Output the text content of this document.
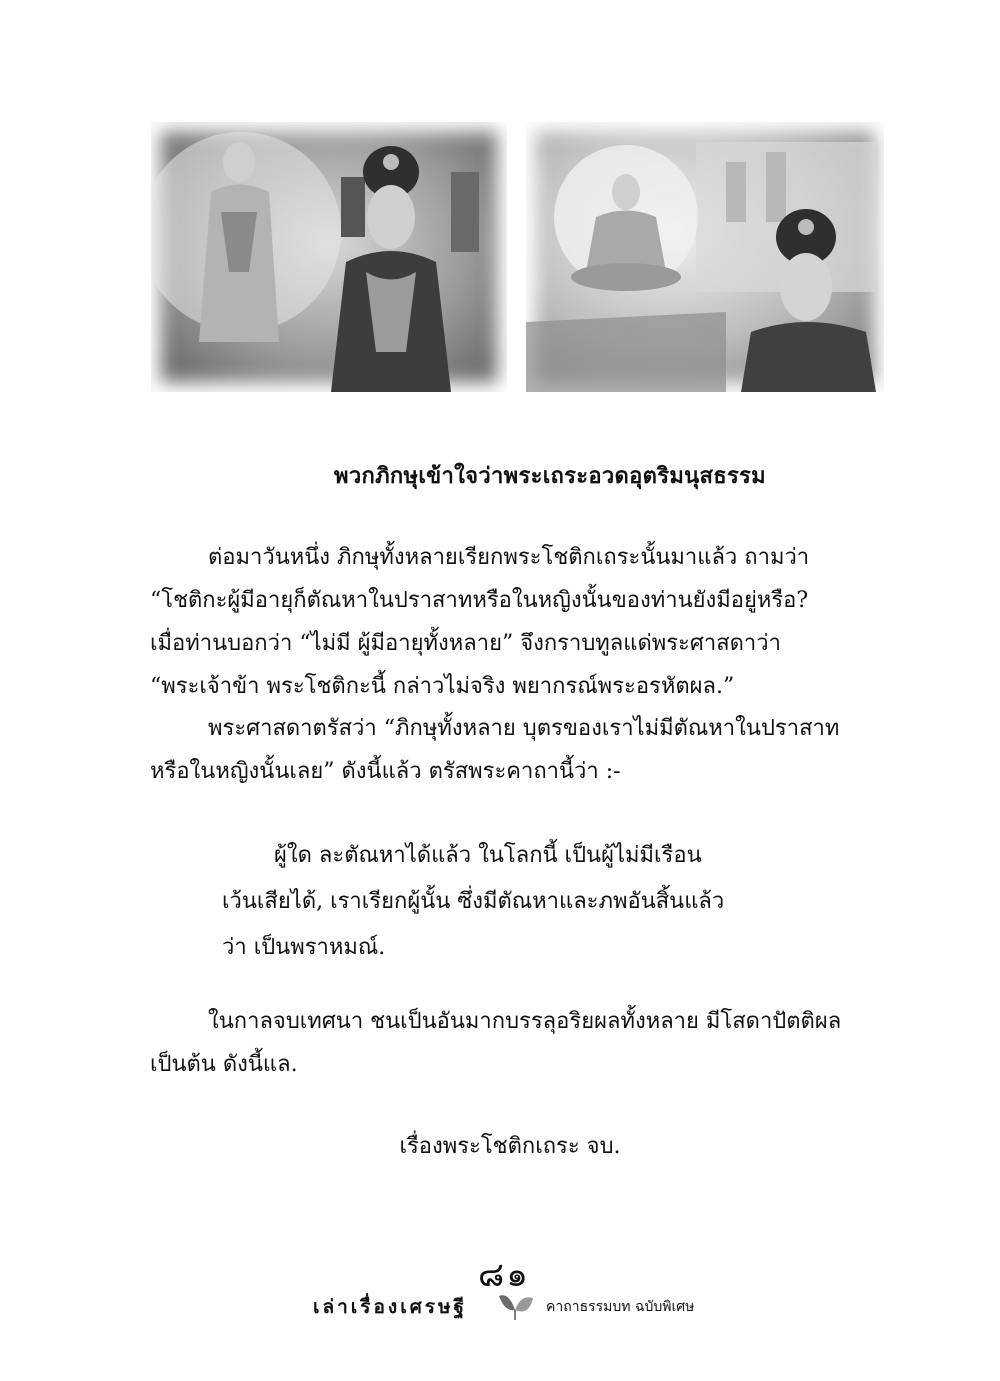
พวกภิกษุเข้าใจว่าพระเถระอวดอุตริมนุสธรรม
ต่อมาวันหนึ่ง ภิกษุทั้งหลายเรียกพระโชติกเถระนั้นมาแล้ว ถามว่า
“โชติกะผู้มีอายุก็ตัณหาในปราสาทหรือในหญิงนั้นของท่านยังมีอยู่หรือ?
เมื่อท่านบอกว่า “ไม่มี ผู้มีอายุทั้งหลาย” จึงกราบทูลแด่พระศาสดาว่า
“พระเจ้าข้า พระโชติกะนี้ กล่าวไม่จริง พยากรณ์พระอรหัตผล.”
พระศาสดาตรัสว่า “ภิกษุทั้งหลาย บุตรของเราไม่มีตัณหาในปราสาท
หรือในหญิงนั้นเลย” ดังนี้แล้ว ตรัสพระคาถานี้ว่า :-
ผู้ใด ละตัณหาได้แล้ว ในโลกนี้ เป็นผู้ไม่มีเรือน
เว้นเสียได้, เราเรียกผู้นั้น ซึ่งมีตัณหาและภพอันสิ้นแล้ว
ว่า เป็นพราหมณ์.
ในกาลจบเทศนา ชนเป็นอันมากบรรลุอริยผลทั้งหลาย มีโสดาปัตติผล
เป็นต้น ดังนี้แล.
เรื่องพระโชติกเถระ จบ.
๘๑
เล่าเรื่องเศรษฐี	คาถาธรรมบท ฉบับพิเศษ
